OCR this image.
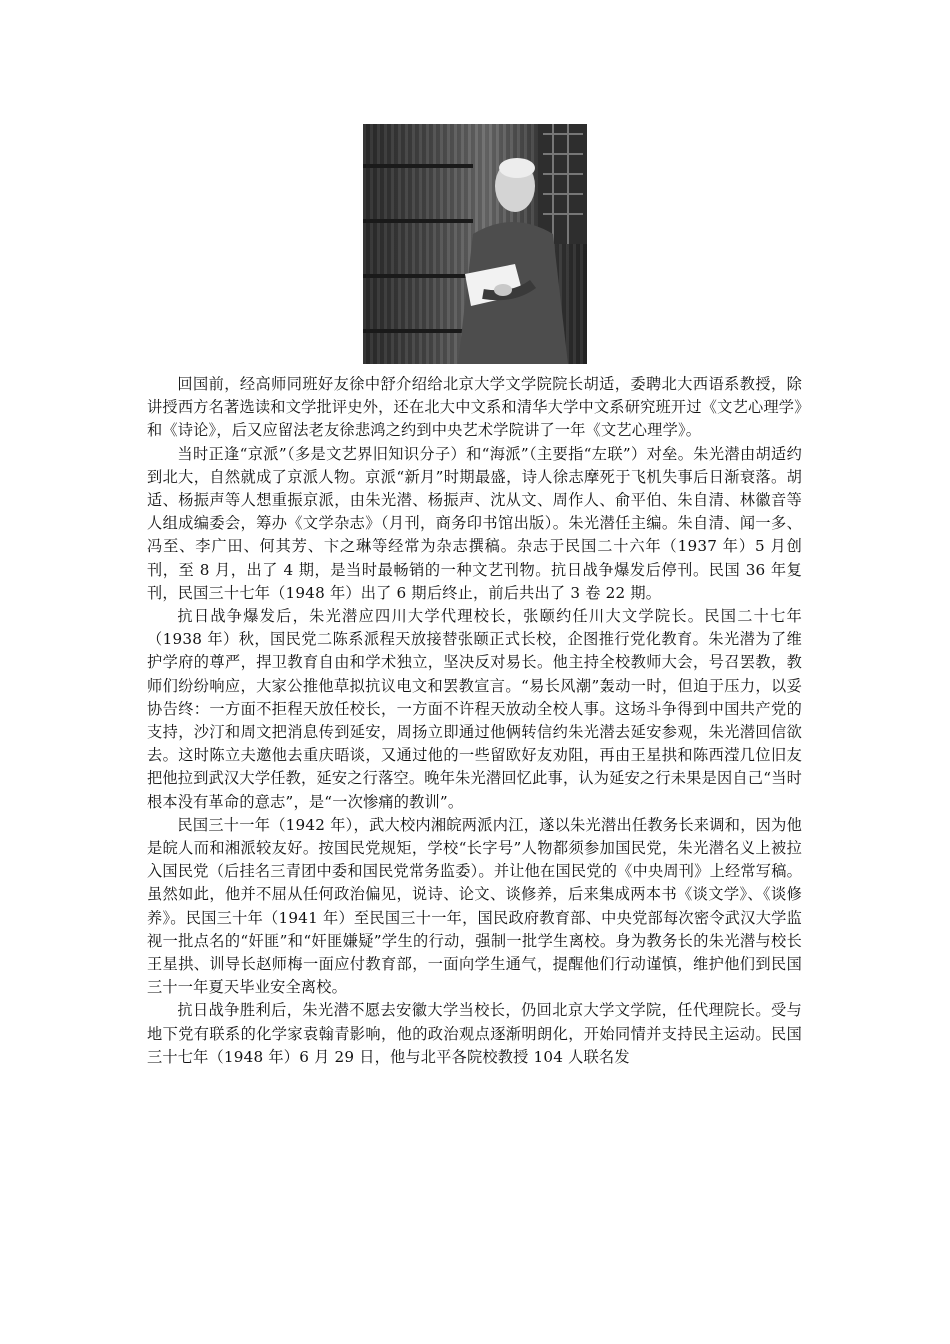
回国前，经高师同班好友徐中舒介绍给北京大学文学院院长胡适，委聘北大西语系教授，除讲授西方名著选读和文学批评史外，还在北大中文系和清华大学中文系研究班开过《文艺心理学》和《诗论》，后又应留法老友徐悲鸿之约到中央艺术学院讲了一年《文艺心理学》。

当时正逢“京派”（多是文艺界旧知识分子）和“海派”（主要指“左联”）对垒。朱光潜由胡适约到北大，自然就成了京派人物。京派“新月”时期最盛，诗人徐志摩死于飞机失事后日渐衰落。胡适、杨振声等人想重振京派，由朱光潜、杨振声、沈从文、周作人、俞平伯、朱自清、林徽音等人组成编委会，筹办《文学杂志》（月刊，商务印书馆出版）。朱光潜任主编。朱自清、闻一多、冯至、李广田、何其芳、卞之琳等经常为杂志撰稿。杂志于民国二十六年（1937 年）5 月创刊，至 8 月，出了 4 期，是当时最畅销的一种文艺刊物。抗日战争爆发后停刊。民国 36 年复刊，民国三十七年（1948 年）出了 6 期后终止，前后共出了 3 卷 22 期。

抗日战争爆发后，朱光潜应四川大学代理校长，张颐约任川大文学院长。民国二十七年（1938 年）秋，国民党二陈系派程天放接替张颐正式长校，企图推行党化教育。朱光潜为了维护学府的尊严，捍卫教育自由和学术独立，坚决反对易长。他主持全校教师大会，号召罢教，教师们纷纷响应，大家公推他草拟抗议电文和罢教宣言。“易长风潮”轰动一时，但迫于压力，以妥协告终：一方面不拒程天放任校长，一方面不许程天放动全校人事。这场斗争得到中国共产党的支持，沙汀和周文把消息传到延安，周扬立即通过他俩转信约朱光潜去延安参观，朱光潜回信欲去。这时陈立夫邀他去重庆晤谈，又通过他的一些留欧好友劝阻，再由王星拱和陈西滢几位旧友把他拉到武汉大学任教，延安之行落空。晚年朱光潜回忆此事，认为延安之行未果是因自己“当时根本没有革命的意志”，是“一次惨痛的教训”。

民国三十一年（1942 年），武大校内湘皖两派内江，遂以朱光潜出任教务长来调和，因为他是皖人而和湘派较友好。按国民党规矩，学校“长字号”人物都须参加国民党，朱光潜名义上被拉入国民党（后挂名三青团中委和国民党常务监委）。并让他在国民党的《中央周刊》上经常写稿。虽然如此，他并不屈从任何政治偏见，说诗、论文、谈修养，后来集成两本书《谈文学》、《谈修养》。民国三十年（1941 年）至民国三十一年，国民政府教育部、中央党部每次密令武汉大学监视一批点名的“奸匪”和“奸匪嫌疑”学生的行动，强制一批学生离校。身为教务长的朱光潜与校长王星拱、训导长赵师梅一面应付教育部，一面向学生通气，提醒他们行动谨慎，维护他们到民国三十一年夏天毕业安全离校。

抗日战争胜利后，朱光潜不愿去安徽大学当校长，仍回北京大学文学院，任代理院长。受与地下党有联系的化学家袁翰青影响，他的政治观点逐渐明朗化，开始同情并支持民主运动。民国三十七年（1948 年）6 月 29 日，他与北平各院校教授 104 人联名发
